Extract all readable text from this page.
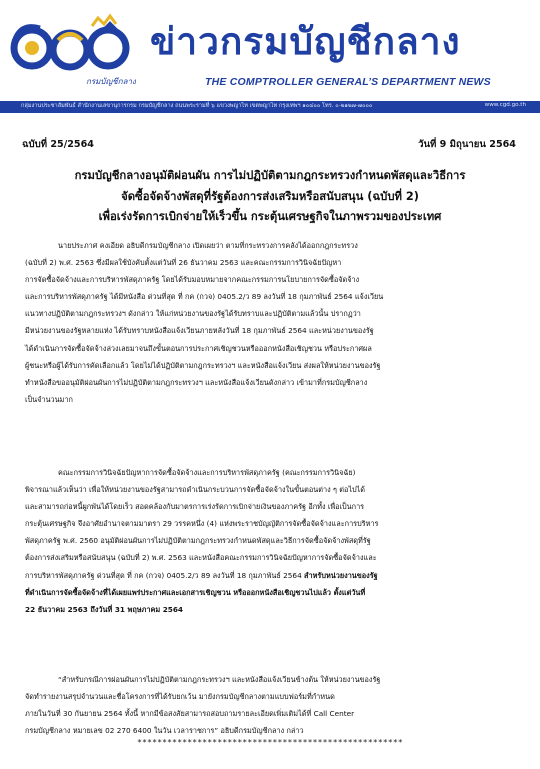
กรมบัญชีกลาง
ข่าวกรมบัญชีกลาง
THE COMPTROLLER GENERAL’S DEPARTMENT NEWS
กลุ่มงานประชาสัมพันธ์ สำนักงานเลขานุการกรม กรมบัญชีกลาง ถนนพระรามที่ ๖ แขวงพญาไท เขตพญาไท กรุงเทพฯ ๑๐๔๐๐ โทร. ๐-๒๑๒๗-๗๐๐๐	www.cgd.go.th
ฉบับที่ 25/2564	วันที่ 9 มิถุนายน 2564
กรมบัญชีกลางอนุมัติผ่อนผัน การไม่ปฏิบัติตามกฎกระทรวงกำหนดพัสดุและวิธีการ
จัดซื้อจัดจ้างพัสดุที่รัฐต้องการส่งเสริมหรือสนับสนุน (ฉบับที่ 2)
เพื่อเร่งรัดการเบิกจ่ายให้เร็วขึ้น กระตุ้นเศรษฐกิจในภาพรวมของประเทศ
นายประภาศ คงเอียด อธิบดีกรมบัญชีกลาง เปิดเผยว่า ตามที่กระทรวงการคลังได้ออกกฎกระทรวง
(ฉบับที่ 2) พ.ศ. 2563 ซึ่งมีผลใช้บังคับตั้งแต่วันที่ 26 ธันวาคม 2563 และคณะกรรมการวินิจฉัยปัญหา
การจัดซื้อจัดจ้างและการบริหารพัสดุภาครัฐ โดยได้รับมอบหมายจากคณะกรรมการนโยบายการจัดซื้อจัดจ้าง
และการบริหารพัสดุภาครัฐ ได้มีหนังสือ ด่วนที่สุด ที่ กค (กวจ) 0405.2/ว 89 ลงวันที่ 18 กุมภาพันธ์ 2564 แจ้งเวียน
แนวทางปฏิบัติตามกฎกระทรวงฯ ดังกล่าว ให้แก่หน่วยงานของรัฐได้รับทราบและปฏิบัติตามแล้วนั้น ปรากฏว่า
มีหน่วยงานของรัฐหลายแห่ง ได้รับทราบหนังสือแจ้งเวียนภายหลังวันที่ 18 กุมภาพันธ์ 2564 และหน่วยงานของรัฐ
ได้ดำเนินการจัดซื้อจัดจ้างล่วงเลยมาจนถึงขั้นตอนการประกาศเชิญชวนหรือออกหนังสือเชิญชวน หรือประกาศผล
ผู้ชนะหรือผู้ได้รับการคัดเลือกแล้ว โดยไม่ได้ปฏิบัติตามกฎกระทรวงฯ และหนังสือแจ้งเวียน ส่งผลให้หน่วยงานของรัฐ
ทำหนังสือขออนุมัติผ่อนผันการไม่ปฏิบัติตามกฎกระทรวงฯ และหนังสือแจ้งเวียนดังกล่าว เข้ามาที่กรมบัญชีกลาง
เป็นจำนวนมาก
คณะกรรมการวินิจฉัยปัญหาการจัดซื้อจัดจ้างและการบริหารพัสดุภาครัฐ (คณะกรรมการวินิจฉัย)
พิจารณาแล้วเห็นว่า เพื่อให้หน่วยงานของรัฐสามารถดำเนินกระบวนการจัดซื้อจัดจ้างในขั้นตอนต่าง ๆ ต่อไปได้
และสามารถก่อหนี้ผูกพันได้โดยเร็ว สอดคล้องกับมาตรการเร่งรัดการเบิกจ่ายเงินของภาครัฐ อีกทั้ง เพื่อเป็นการ
กระตุ้นเศรษฐกิจ จึงอาศัยอำนาจตามมาตรา 29 วรรคหนึ่ง (4) แห่งพระราชบัญญัติการจัดซื้อจัดจ้างและการบริหาร
พัสดุภาครัฐ พ.ศ. 2560 อนุมัติผ่อนผันการไม่ปฏิบัติตามกฎกระทรวงกำหนดพัสดุและวิธีการจัดซื้อจัดจ้างพัสดุที่รัฐ
ต้องการส่งเสริมหรือสนับสนุน (ฉบับที่ 2) พ.ศ. 2563 และหนังสือคณะกรรมการวินิจฉัยปัญหาการจัดซื้อจัดจ้างและ
การบริหารพัสดุภาครัฐ ด่วนที่สุด ที่ กค (กวจ) 0405.2/ว 89 ลงวันที่ 18 กุมภาพันธ์ 2564 สำหรับหน่วยงานของรัฐ
ที่ดำเนินการจัดซื้อจัดจ้างที่ได้เผยแพร่ประกาศและเอกสารเชิญชวน หรือออกหนังสือเชิญชวนไปแล้ว ตั้งแต่วันที่
22 ธันวาคม 2563 ถึงวันที่ 31 พฤษภาคม 2564
“สำหรับกรณีการผ่อนผันการไม่ปฏิบัติตามกฎกระทรวงฯ และหนังสือแจ้งเวียนข้างต้น ให้หน่วยงานของรัฐ
จัดทำรายงานสรุปจำนวนและชื่อโครงการที่ได้รับยกเว้น มายังกรมบัญชีกลางตามแบบฟอร์มที่กำหนด
ภายในวันที่ 30 กันยายน 2564 ทั้งนี้ หากมีข้อสงสัยสามารถสอบถามรายละเอียดเพิ่มเติมได้ที่ Call Center
กรมบัญชีกลาง หมายเลข 02 270 6400 ในวัน เวลาราชการ” อธิบดีกรมบัญชีกลาง กล่าว
*****************************************************
